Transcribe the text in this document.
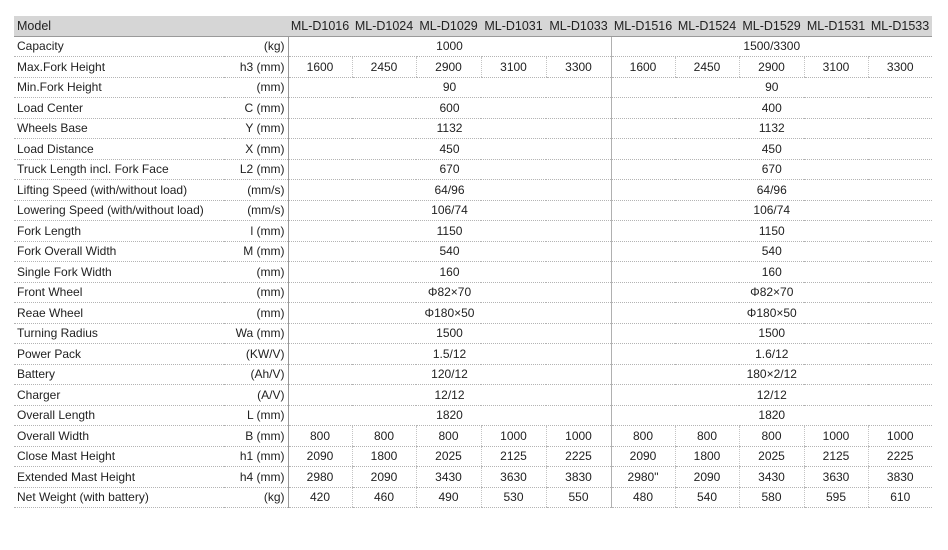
Model		ML-D1016	ML-D1024	ML-D1029	ML-D1031	ML-D1033	ML-D1516	ML-D1524	ML-D1529	ML-D1531	ML-D1533
Capacity	(kg)	1000					1500/3300				
Max.Fork Height	h3 (mm)	1600	2450	2900	3100	3300	1600	2450	2900	3100	3300
Min.Fork Height	(mm)	90					90				
Load Center	C (mm)	600					400				
Wheels Base	Y (mm)	1132					1132				
Load Distance	X (mm)	450					450				
Truck Length incl. Fork Face	L2 (mm)	670					670				
Lifting Speed (with/without load)	(mm/s)	64/96					64/96				
Lowering Speed (with/without load)	(mm/s)	106/74					106/74				
Fork Length	l (mm)	1150					1150				
Fork Overall Width	M (mm)	540					540				
Single Fork Width	(mm)	160					160				
Front Wheel	(mm)	Φ82×70					Φ82×70				
Reae Wheel	(mm)	Φ180×50					Φ180×50				
Turning Radius	Wa (mm)	1500					1500				
Power Pack	(KW/V)	1.5/12					1.6/12				
Battery	(Ah/V)	120/12					180×2/12				
Charger	(A/V)	12/12					12/12				
Overall Length	L (mm)	1820					1820				
Overall Width	B (mm)	800	800	800	1000	1000	800	800	800	1000	1000
Close Mast Height	h1 (mm)	2090	1800	2025	2125	2225	2090	1800	2025	2125	2225
Extended Mast Height	h4 (mm)	2980	2090	3430	3630	3830	2980"	2090	3430	3630	3830
Net Weight (with battery)	(kg)	420	460	490	530	550	480	540	580	595	610
